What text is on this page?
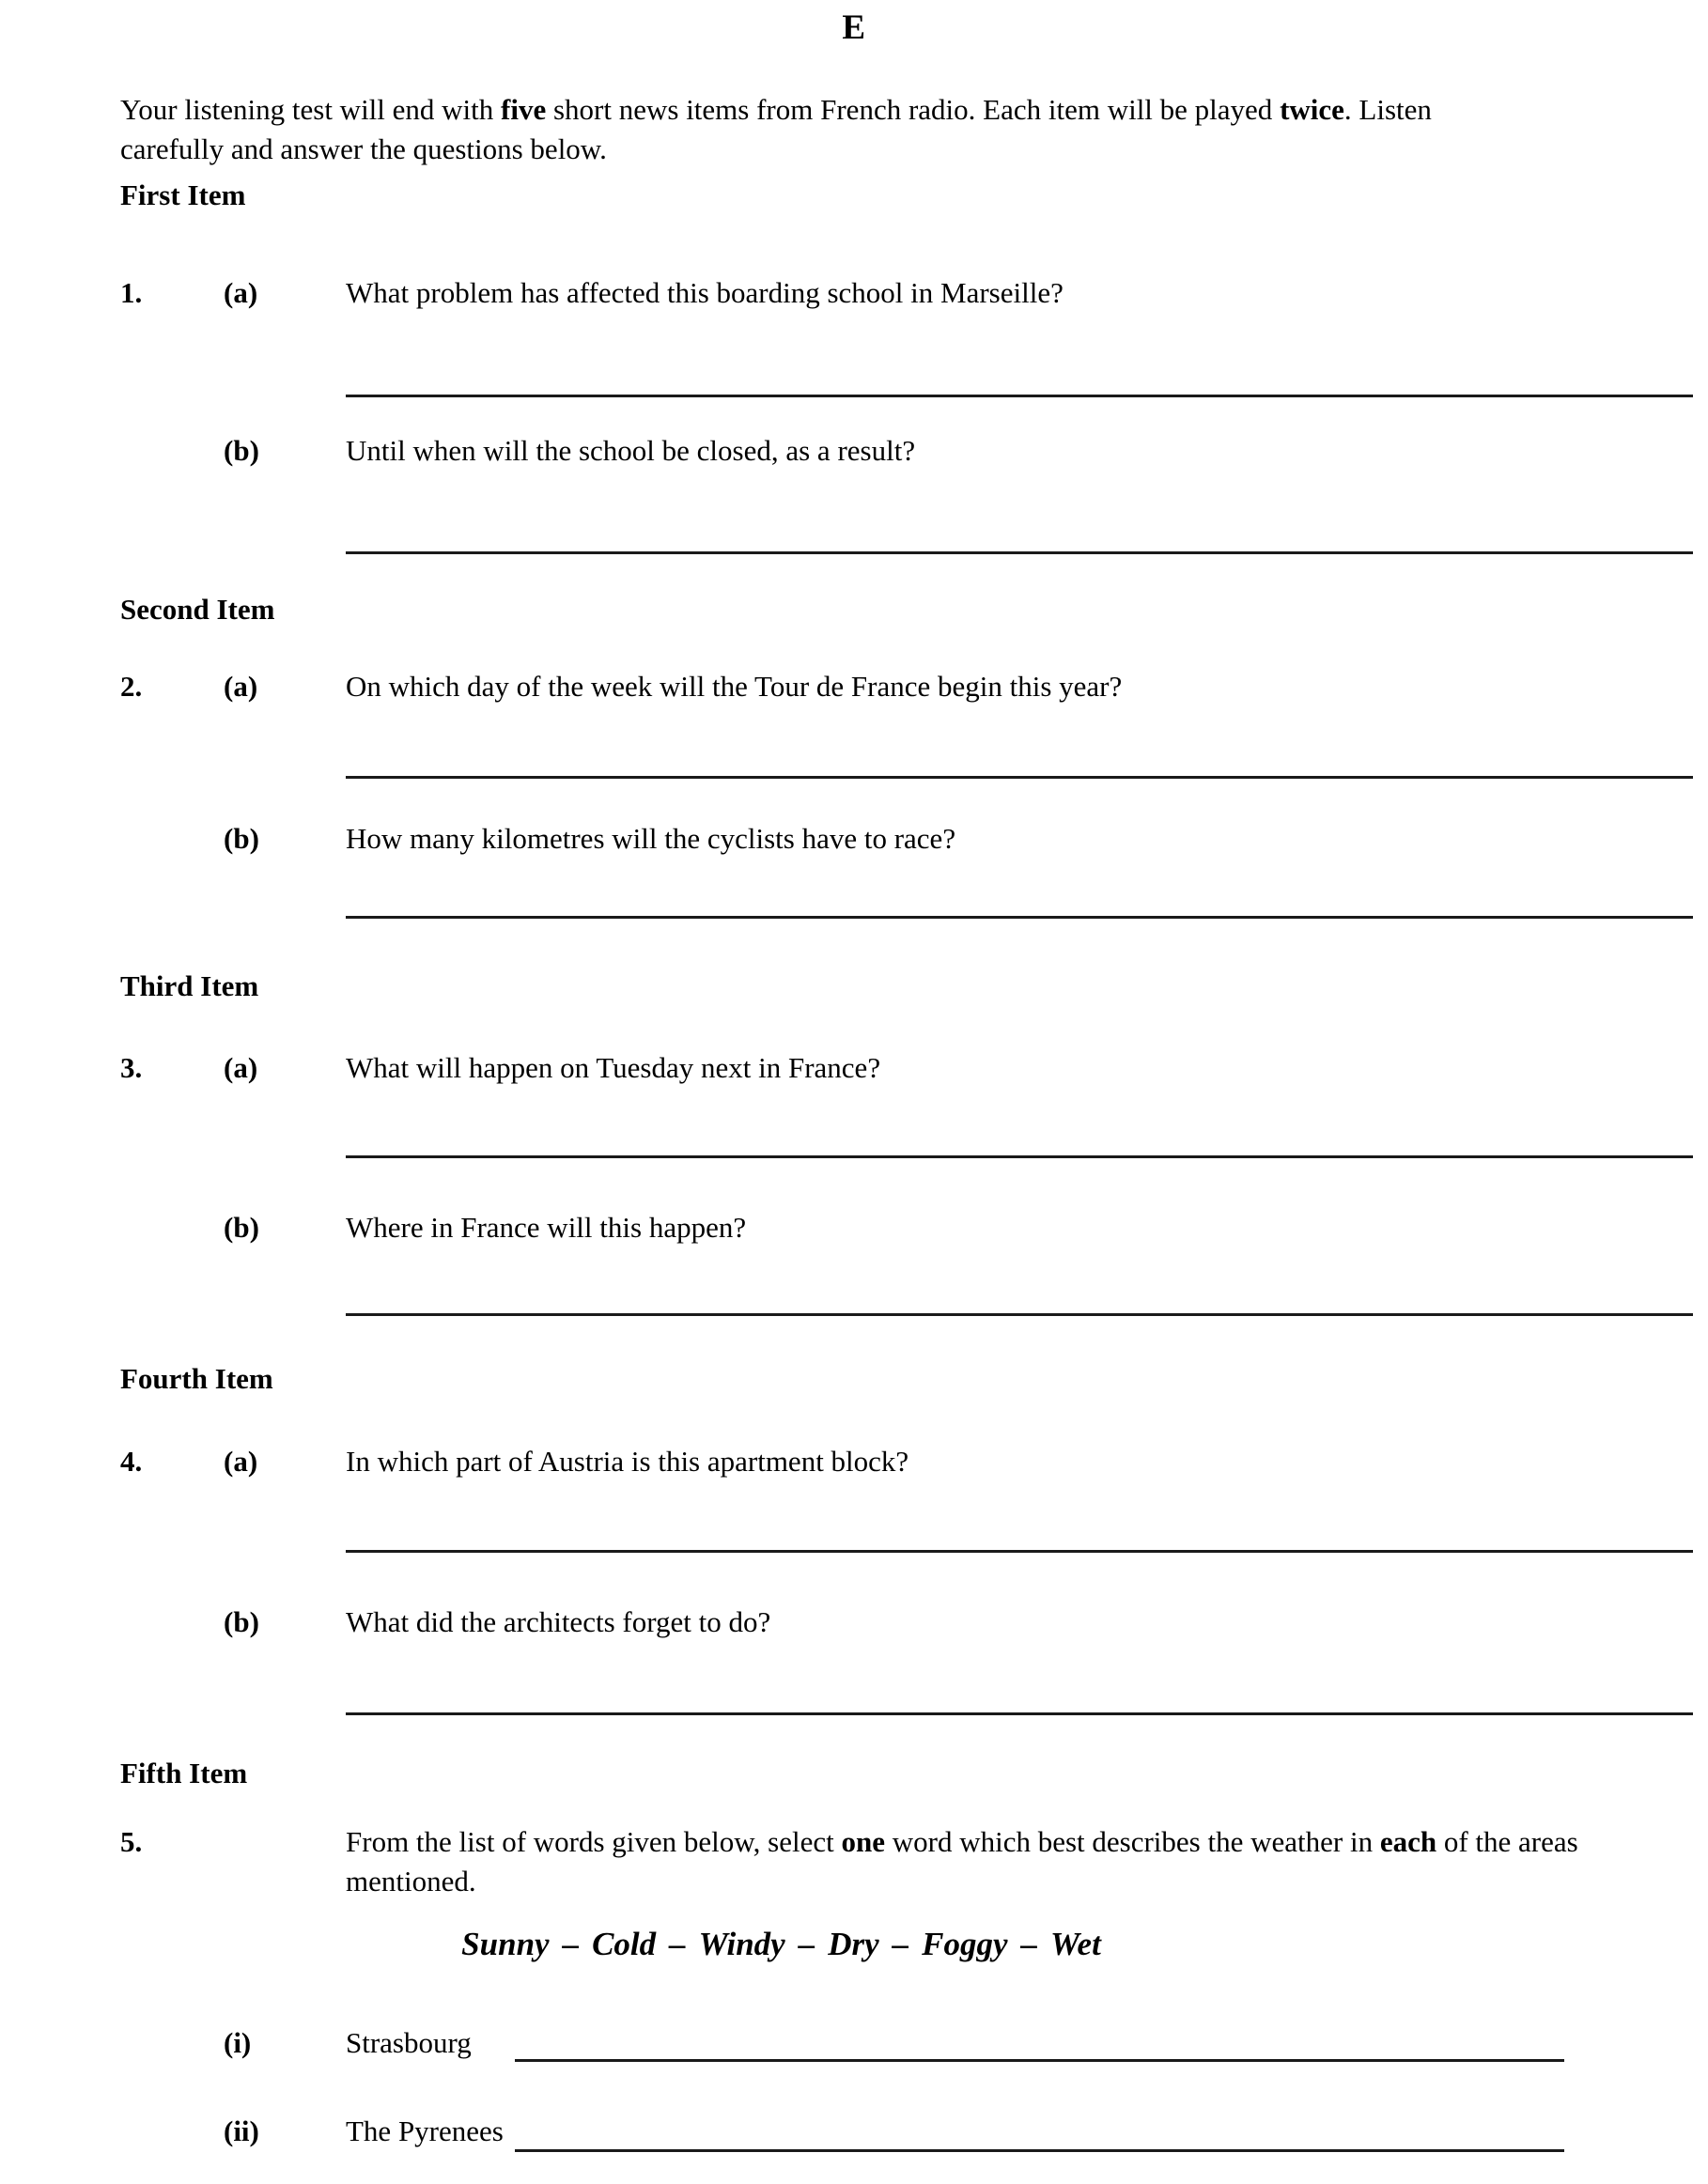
E
Your listening test will end with five short news items from French radio. Each item will be played twice. Listen carefully and answer the questions below.
First Item
1.	(a)	What problem has affected this boarding school in Marseille?
(b)	Until when will the school be closed, as a result?
Second Item
2.	(a)	On which day of the week will the Tour de France begin this year?
(b)	How many kilometres will the cyclists have to race?
Third Item
3.	(a)	What will happen on Tuesday next in France?
(b)	Where in France will this happen?
Fourth Item
4.	(a)	In which part of Austria is this apartment block?
(b)	What did the architects forget to do?
Fifth Item
5.	From the list of words given below, select one word which best describes the weather in each of the areas mentioned.
Sunny – Cold – Windy – Dry – Foggy – Wet
(i)	Strasbourg
(ii)	The Pyrenees
